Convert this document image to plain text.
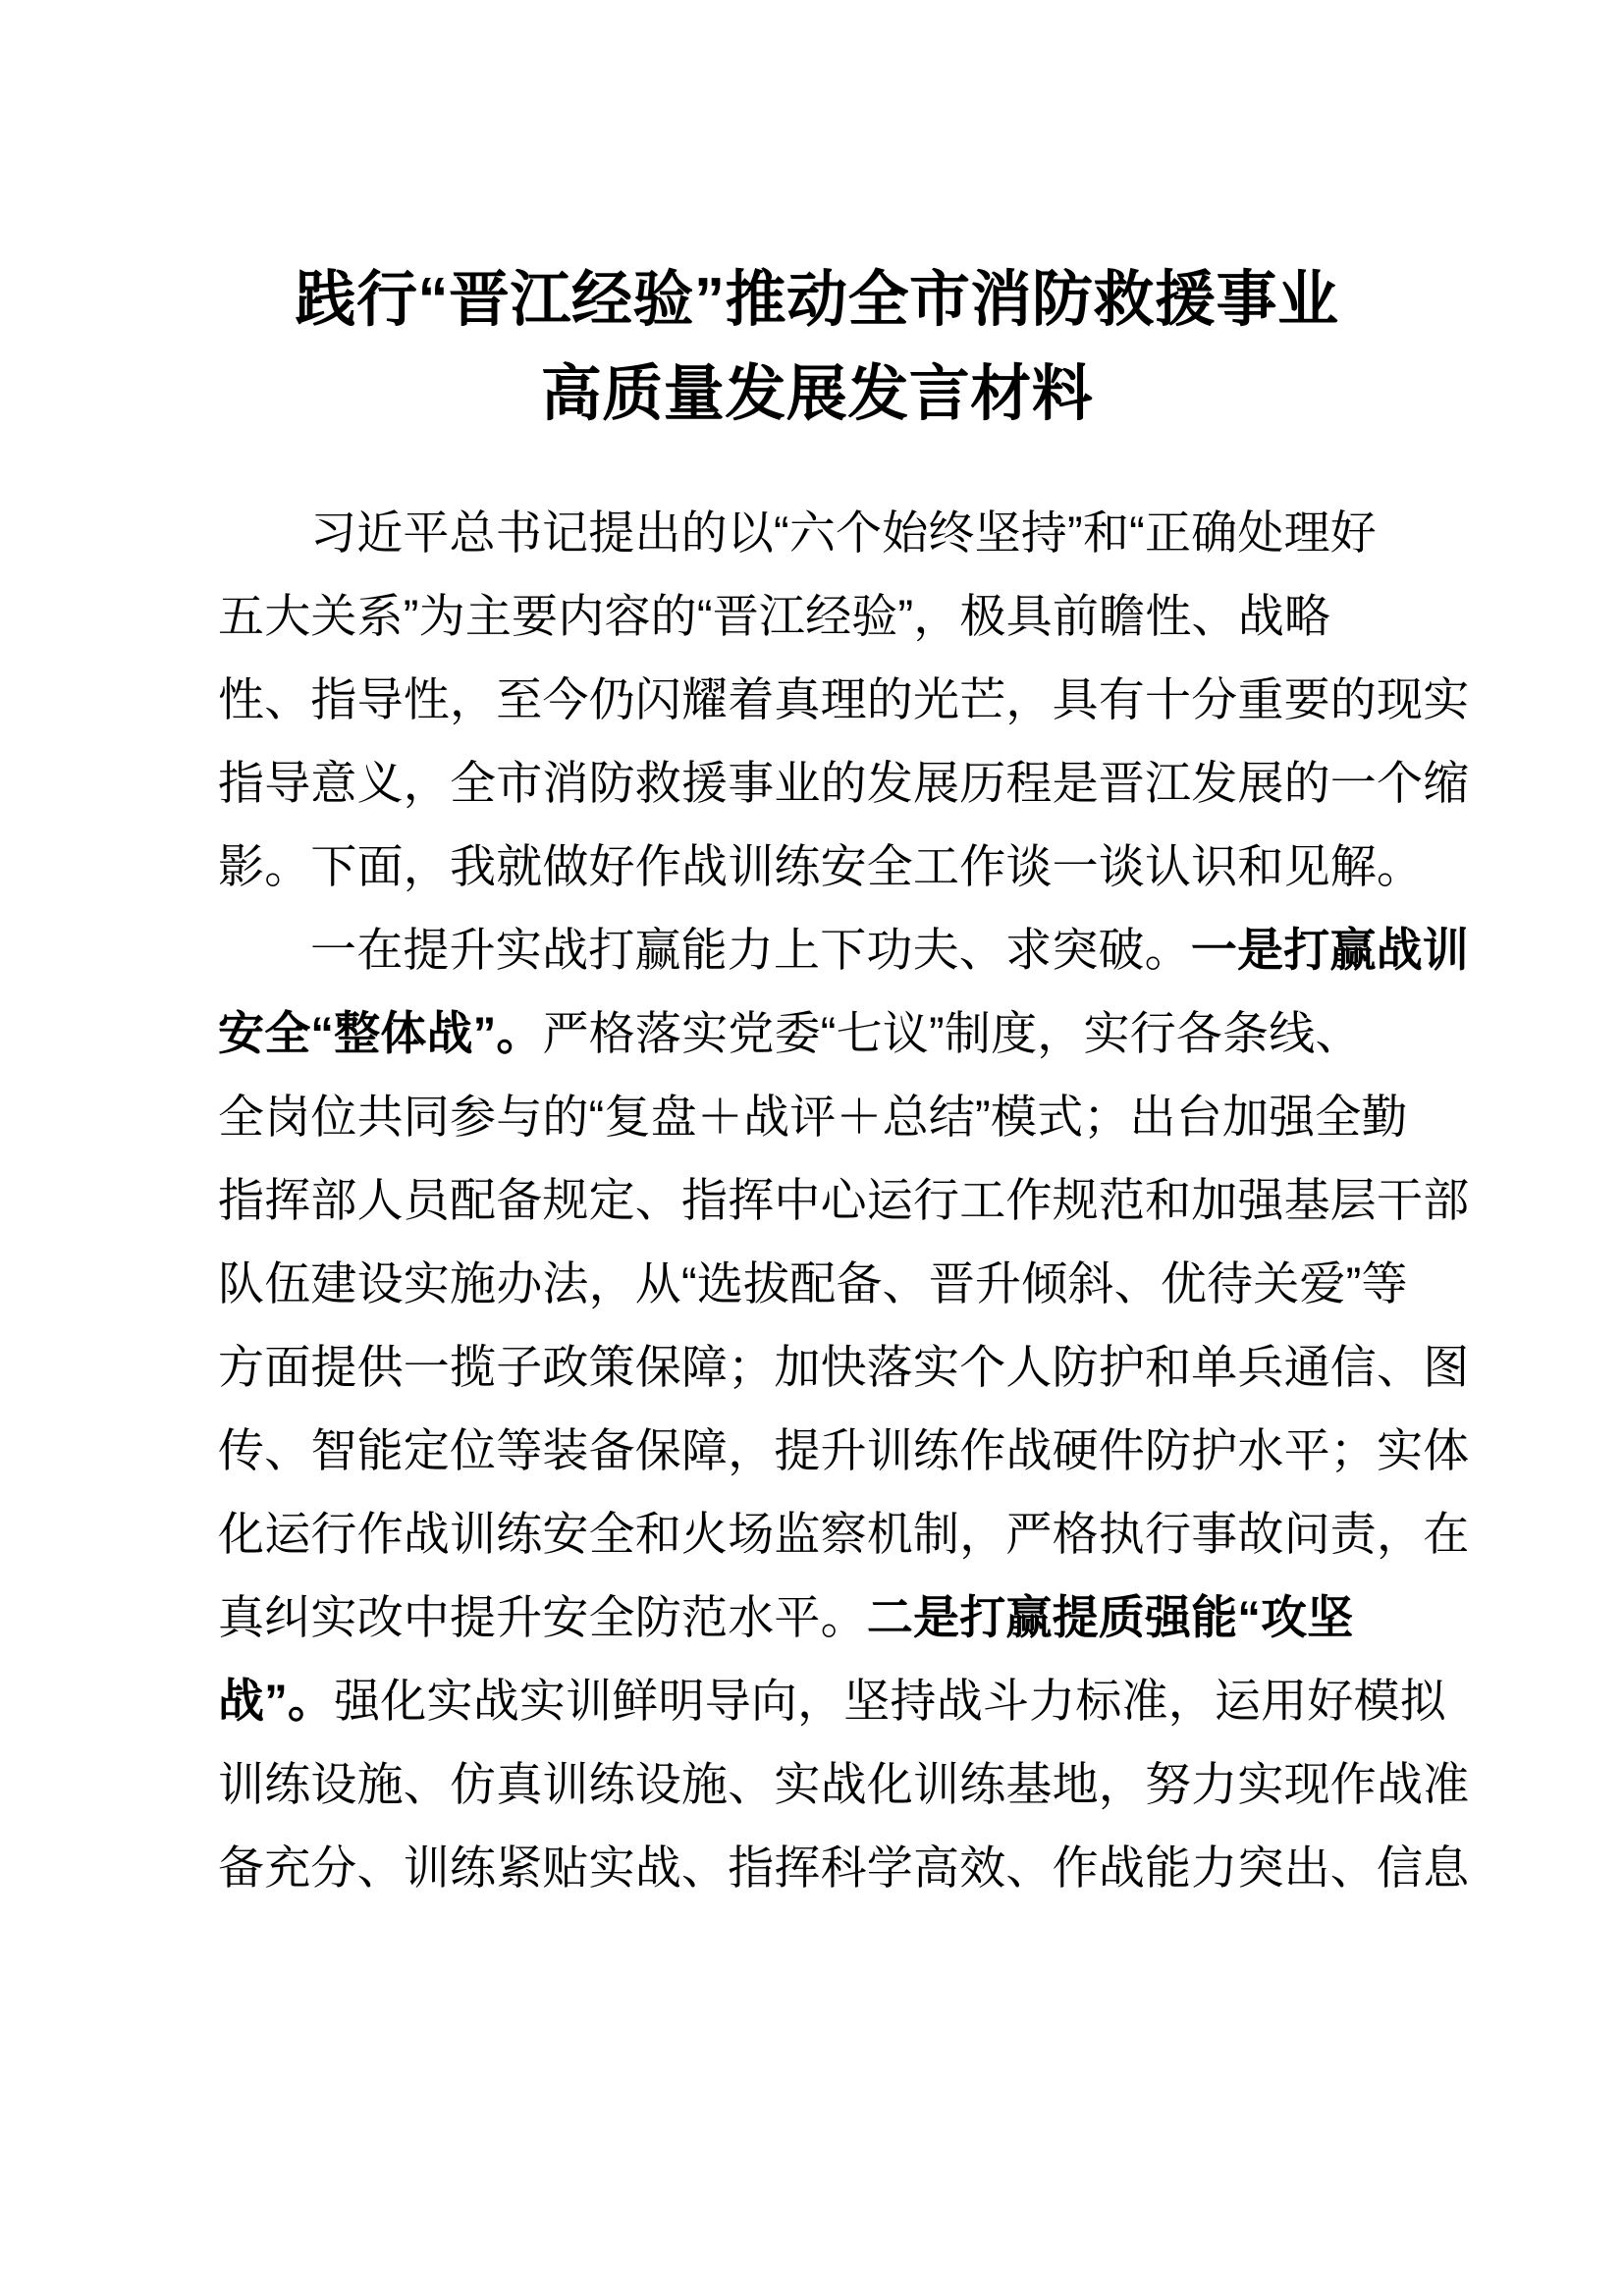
践行“晋江经验”推动全市消防救援事业
高质量发展发言材料

习近平总书记提出的以“六个始终坚持”和“正确处理好
五大关系”为主要内容的“晋江经验”，极具前瞻性、战略
性、指导性，至今仍闪耀着真理的光芒，具有十分重要的现实
指导意义，全市消防救援事业的发展历程是晋江发展的一个缩
影。下面，我就做好作战训练安全工作谈一谈认识和见解。

一在提升实战打赢能力上下功夫、求突破。一是打赢战训
安全“整体战”。严格落实党委“七议”制度，实行各条线、
全岗位共同参与的“复盘＋战评＋总结”模式；出台加强全勤
指挥部人员配备规定、指挥中心运行工作规范和加强基层干部
队伍建设实施办法，从“选拔配备、晋升倾斜、优待关爱”等
方面提供一揽子政策保障；加快落实个人防护和单兵通信、图
传、智能定位等装备保障，提升训练作战硬件防护水平；实体
化运行作战训练安全和火场监察机制，严格执行事故问责，在
真纠实改中提升安全防范水平。二是打赢提质强能“攻坚
战”。强化实战实训鲜明导向，坚持战斗力标准，运用好模拟
训练设施、仿真训练设施、实战化训练基地，努力实现作战准
备充分、训练紧贴实战、指挥科学高效、作战能力突出、信息
